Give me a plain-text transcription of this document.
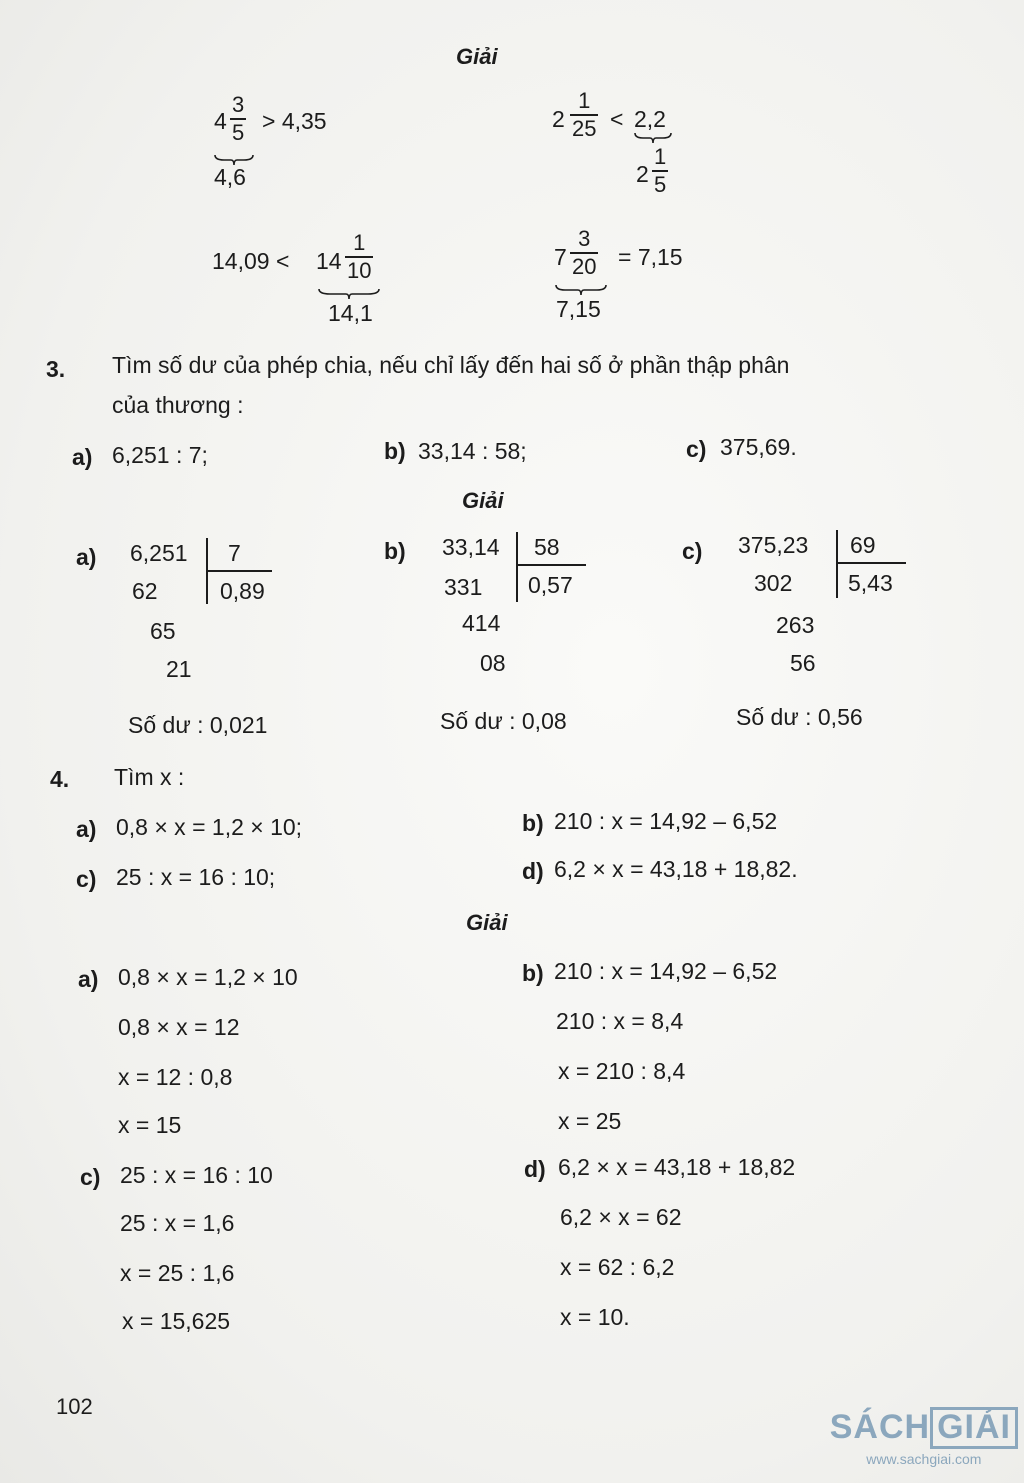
Giải
4
3
5 > 4,35
4,6
2
1
25 < 2,2
2
1
5
14,09 < 14
1
10
14,1
7
3
20 = 7,15
7,15
3. Tìm số dư của phép chia, nếu chỉ lấy đến hai số ở phần thập phân
của thương :
a) 6,251 : 7;	b) 33,14 : 58;	c) 375,69.
Giải
a) 6,251 7
0,89
62
65
21
Số dư : 0,021
b) 33,14 58
0,57
331
414
08
Số dư : 0,08
c) 375,23 69
5,43
302
263
56
Số dư : 0,56
4. Tìm x :
a) 0,8 × x = 1,2 × 10;	b) 210 : x = 14,92 – 6,52
c) 25 : x = 16 : 10;	d) 6,2 × x = 43,18 + 18,82.
Giải
a) 0,8 × x = 1,2 × 10
0,8 × x = 12
x = 12 : 0,8
x = 15
b) 210 : x = 14,92 – 6,52
210 : x = 8,4
x = 210 : 8,4
x = 25
c) 25 : x = 16 : 10
25 : x = 1,6
x = 25 : 1,6
x = 15,625
d) 6,2 × x = 43,18 + 18,82
6,2 × x = 62
x = 62 : 6,2
x = 10.
102
SÁCH GIẢI
www.sachgiai.com
